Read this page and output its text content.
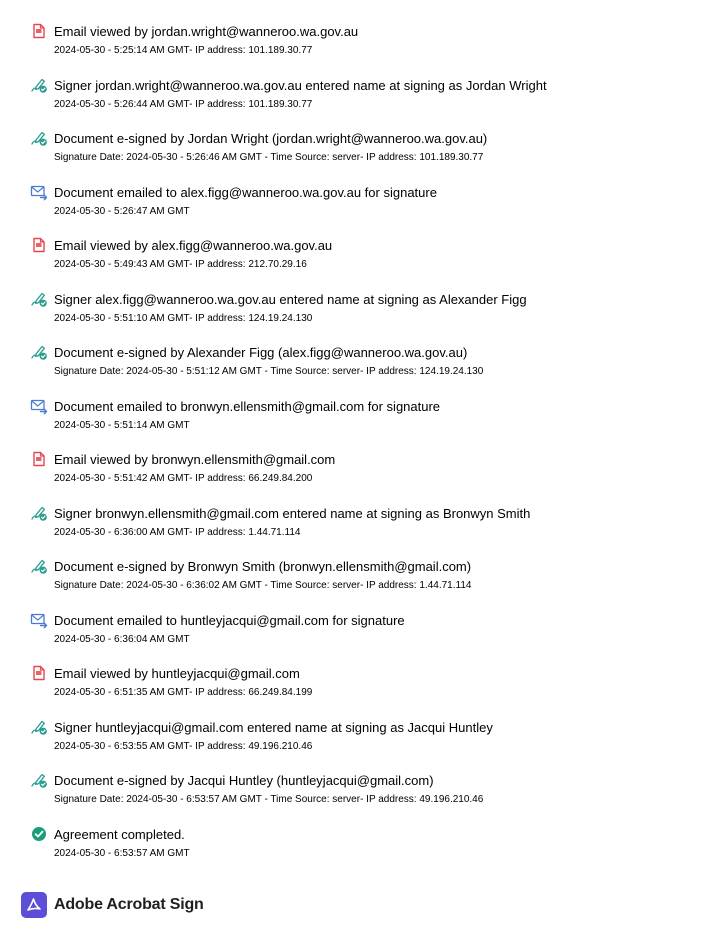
Email viewed by jordan.wright@wanneroo.wa.gov.au
2024-05-30 - 5:25:14 AM GMT- IP address: 101.189.30.77
Signer jordan.wright@wanneroo.wa.gov.au entered name at signing as Jordan Wright
2024-05-30 - 5:26:44 AM GMT- IP address: 101.189.30.77
Document e-signed by Jordan Wright (jordan.wright@wanneroo.wa.gov.au)
Signature Date: 2024-05-30 - 5:26:46 AM GMT - Time Source: server- IP address: 101.189.30.77
Document emailed to alex.figg@wanneroo.wa.gov.au for signature
2024-05-30 - 5:26:47 AM GMT
Email viewed by alex.figg@wanneroo.wa.gov.au
2024-05-30 - 5:49:43 AM GMT- IP address: 212.70.29.16
Signer alex.figg@wanneroo.wa.gov.au entered name at signing as Alexander Figg
2024-05-30 - 5:51:10 AM GMT- IP address: 124.19.24.130
Document e-signed by Alexander Figg (alex.figg@wanneroo.wa.gov.au)
Signature Date: 2024-05-30 - 5:51:12 AM GMT - Time Source: server- IP address: 124.19.24.130
Document emailed to bronwyn.ellensmith@gmail.com for signature
2024-05-30 - 5:51:14 AM GMT
Email viewed by bronwyn.ellensmith@gmail.com
2024-05-30 - 5:51:42 AM GMT- IP address: 66.249.84.200
Signer bronwyn.ellensmith@gmail.com entered name at signing as Bronwyn Smith
2024-05-30 - 6:36:00 AM GMT- IP address: 1.44.71.114
Document e-signed by Bronwyn Smith (bronwyn.ellensmith@gmail.com)
Signature Date: 2024-05-30 - 6:36:02 AM GMT - Time Source: server- IP address: 1.44.71.114
Document emailed to huntleyjacqui@gmail.com for signature
2024-05-30 - 6:36:04 AM GMT
Email viewed by huntleyjacqui@gmail.com
2024-05-30 - 6:51:35 AM GMT- IP address: 66.249.84.199
Signer huntleyjacqui@gmail.com entered name at signing as Jacqui Huntley
2024-05-30 - 6:53:55 AM GMT- IP address: 49.196.210.46
Document e-signed by Jacqui Huntley (huntleyjacqui@gmail.com)
Signature Date: 2024-05-30 - 6:53:57 AM GMT - Time Source: server- IP address: 49.196.210.46
Agreement completed.
2024-05-30 - 6:53:57 AM GMT
Adobe Acrobat Sign
